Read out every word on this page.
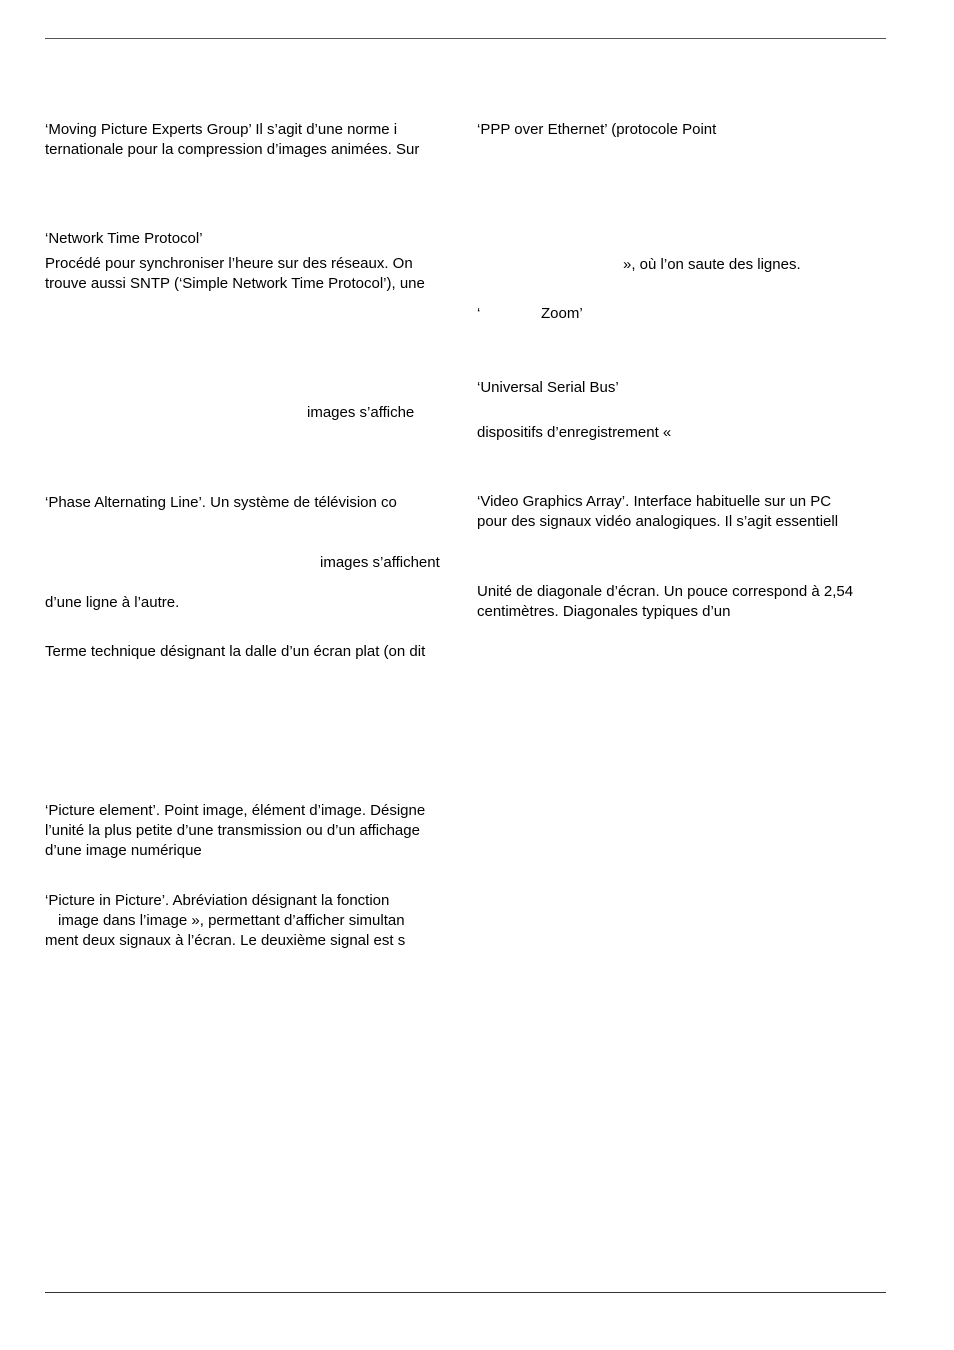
‘Moving Picture Experts Group’ Il s’agit d’une norme i
ternationale pour la compression d’images animées. Sur
‘Network Time Protocol’
Procédé pour synchroniser l’heure sur des réseaux. On
trouve aussi SNTP (‘Simple Network Time Protocol’), une
images s’affiche
‘Phase Alternating Line’. Un système de télévision co
images s’affichent
d’une ligne à l’autre.
Terme technique désignant la dalle d’un écran plat (on dit
‘Picture element’. Point image, élément d’image. Désigne
l’unité la plus petite d’une transmission ou d’un affichage
d’une image numérique
‘Picture in Picture’. Abréviation désignant la fonction
image dans l’image », permettant d’afficher simultan
ment deux signaux à l’écran. Le deuxième signal est s
‘PPP over Ethernet’ (protocole Point
», où l’on saute des lignes.
‘	Zoom’
‘Universal Serial Bus’
dispositifs d’enregistrement «
‘Video Graphics Array’. Interface habituelle sur un PC
pour des signaux vidéo analogiques. Il s’agit essentiell
Unité de diagonale d’écran. Un pouce correspond à 2,54
centimètres. Diagonales typiques d’un
